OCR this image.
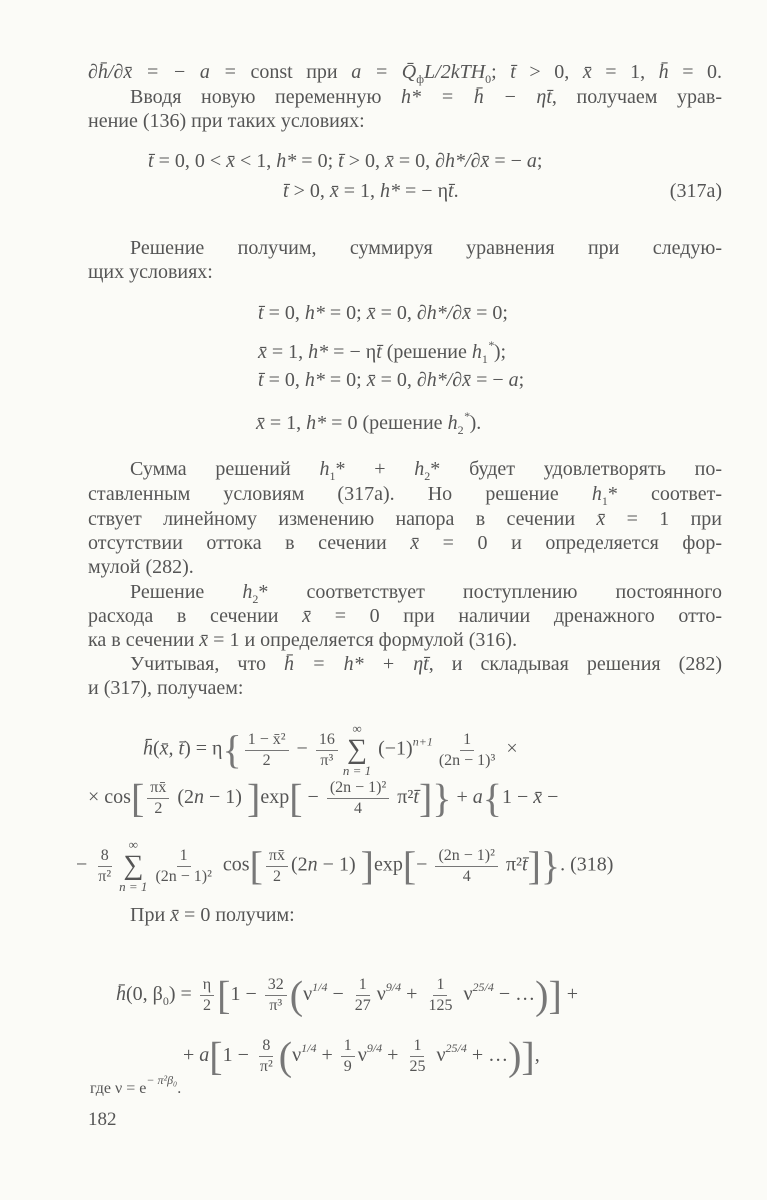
∂h̄/∂x̄ = − a = const при $a = Q̄_фL/2kTH_0$; t̄ > 0, x̄ = 1, h̄ = 0.
Вводя новую переменную h* = h̄ − ηt̄, получаем урав-
нение (136) при таких условиях:
t̄ = 0, 0 < x̄ < 1, h* = 0; t̄ > 0, x̄ = 0, ∂h*/∂x̄ = − a;
t̄ > 0, x̄ = 1, h* = − ηt̄.	(317а)
Решение получим, суммируя уравнения при следую-
щих условиях:
t̄ = 0, h* = 0; x̄ = 0, ∂h*/∂x̄ = 0;
x̄ = 1, h* = − ηt̄ (решение $h_1^*$);
t̄ = 0, h* = 0; x̄ = 0, ∂h*/∂x̄ = − a;
x̄ = 1, h* = 0 (решение $h_2^*$).
Сумма решений $h_1* + h_2*$ будет удовлетворять по-
ставленным условиям (317а). Но решение $h_1*$ соответ-
ствует линейному изменению напора в сечении x̄ = 1 при
отсутствии оттока в сечении x̄ = 0 и определяется фор-
мулой (282).
Решение $h_2*$ соответствует поступлению постоянного
расхода в сечении x̄ = 0 при наличии дренажного отто-
ка в сечении x̄ = 1 и определяется формулой (316).
Учитывая, что h̄ = h* + ηt̄, и складывая решения (282)
и (317), получаем:
h̄(x̄, t̄) = $\eta\{ \frac{\text{1 − x̄²}}{2} - \frac{16}{\text{π³}}$
∞
∑
n = 1
$(-1)^{n+1} \frac{1}{\text{(2n − 1)³}}$ ×
× $\cos[ \frac{\pi x̄}{2} (2n - 1) ]\exp[ - \frac{\text{(2n − 1)²}}{4}$ π²t̄]} + a{1 − x̄ −
− $\frac{8}{\text{π²}}$
∞
∑
$n = 1 \frac{1}{\text{(2n − 1)²}} \cos[ \frac{\pi x̄}{2} (2n - 1)$ ]$\exp[- \frac{\text{(2n − 1)²}}{4}$ π²t̄]}. (318)
При x̄ = 0 получим:
h̄(0, $\beta_0) = \frac{\eta}{2} [1 - \frac{32}{\text{π³}} (\nu^{1/4} - \frac{1}{27} \nu^{9/4} + \frac{1}{125} \nu^{25/4}$ − …)] +
+ $a[1 - \frac{8}{\text{π²}} (\nu^{1/4} + \frac{1}{9} \nu^{9/4} + \frac{1}{25} \nu^{25/4}$ + …)],
где $\nu = e^{- \pi^2\beta_0}$.
182
